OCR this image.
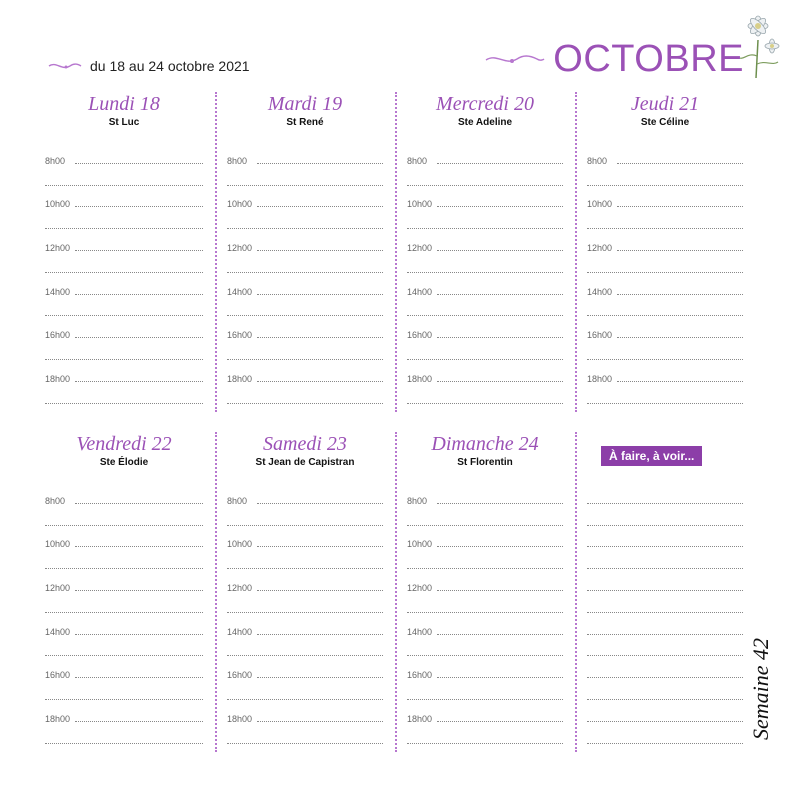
du 18 au 24 octobre 2021	OCTOBRE
Lundi 18
St Luc
8h00
10h00
12h00
14h00
16h00
18h00
Mardi 19
St René
8h00
10h00
12h00
14h00
16h00
18h00
Mercredi 20
Ste Adeline
8h00
10h00
12h00
14h00
16h00
18h00
Jeudi 21
Ste Céline
8h00
10h00
12h00
14h00
16h00
18h00
Vendredi 22
Ste Élodie
8h00
10h00
12h00
14h00
16h00
18h00
Samedi 23
St Jean de Capistran
8h00
10h00
12h00
14h00
16h00
18h00
Dimanche 24
St Florentin
8h00
10h00
12h00
14h00
16h00
18h00
À faire, à voir...
Semaine 42
